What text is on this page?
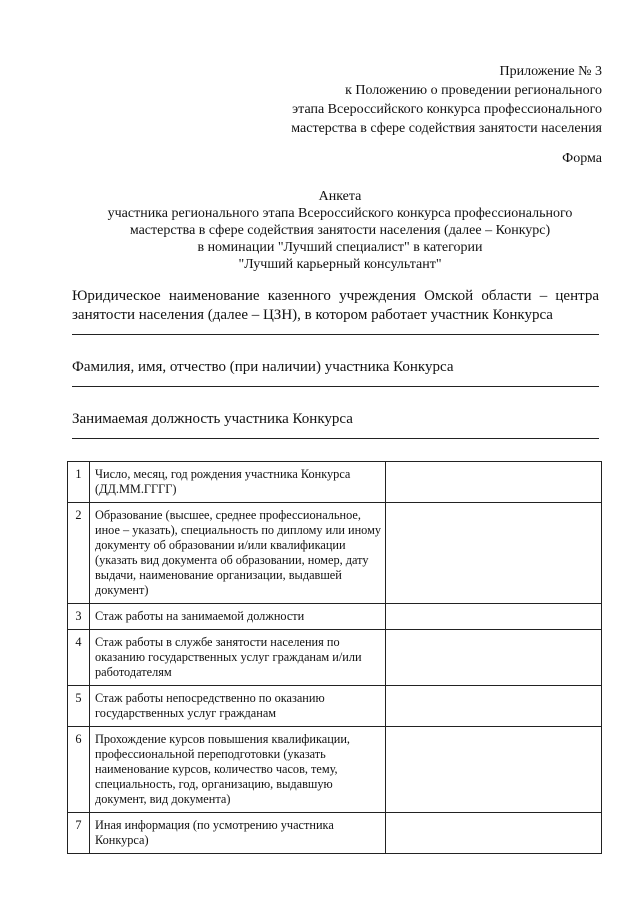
Приложение № 3
к Положению о проведении регионального
этапа Всероссийского конкурса профессионального
мастерства в сфере содействия занятости населения
Форма
Анкета
участника регионального этапа Всероссийского конкурса профессионального
мастерства в сфере содействия занятости населения (далее – Конкурс)
в номинации "Лучший специалист" в категории
"Лучший карьерный консультант"
Юридическое наименование казенного учреждения Омской области – центра занятости населения (далее – ЦЗН), в котором работает участник Конкурса
Фамилия, имя, отчество (при наличии) участника Конкурса
Занимаемая должность участника Конкурса
1	Число, месяц, год рождения участника Конкурса (ДД.ММ.ГГГГ)	
2	Образование (высшее, среднее профессиональное, иное – указать), специальность по диплому или иному документу об образовании и/или квалификации (указать вид документа об образовании, номер, дату выдачи, наименование организации, выдавшей документ)	
3	Стаж работы на занимаемой должности	
4	Стаж работы в службе занятости населения по оказанию государственных услуг гражданам и/или работодателям	
5	Стаж работы непосредственно по оказанию государственных услуг гражданам	
6	Прохождение курсов повышения квалификации, профессиональной переподготовки (указать наименование курсов, количество часов, тему, специальность, год, организацию, выдавшую документ, вид документа)	
7	Иная информация (по усмотрению участника Конкурса)	
